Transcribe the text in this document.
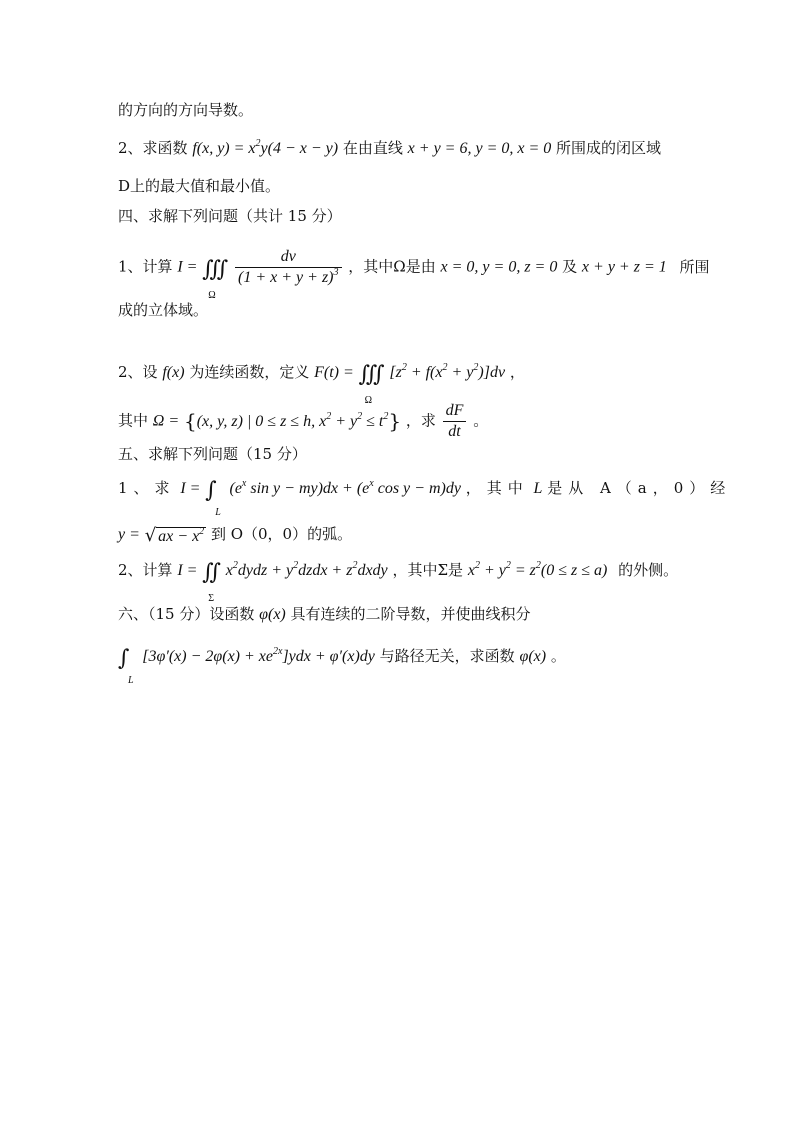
的方向的方向导数。
2、求函数 f(x, $y) = x^2y(4 - x - y)$ 在由直线 x + y = 6, y = 0, x = 0 所围成的闭区域
D上的最大值和最小值。
四、求解下列问题（共计 15 分）
1、计算 I = ∭
Ω

$\frac{dv}{(1 + x + y + z)^3}$ ，其中Ω是由 x = 0, y = 0, z = 0 及 x + y + z = 1 所围
成的立体域。
2、设 f(x) 为连续函数，定义 F(t) = ∭
Ω
$[z^2 + f(x^2 + y^2)]dv$ ，
其中 Ω = {(x, y, z) | 0 ≤ z ≤ h, $x^2 + y^2 \le t^2$} ，求 $\frac{dF}{dt}$ 。
五、求解下列问题（15 分）
1、求 I = ∫
L
($e^x$ $\sin y - my)dx + (e^x$ cos y − m)dy ，其中 L 是从 A（a，0）经
y = √ ax − $x^2$ 到 O（0，0）的弧。
2、计算 I = ∬
Σ
$x^2dydz$ + $y^2dzdx$ + $z^2dxdy$ ，其中Σ是 $x^2 + y^2 = z^2(0 \le z \le a)$ 的外侧。
六、（15 分）设函数 φ(x) 具有连续的二阶导数，并使曲线积分
∫
L
$[3\varphi'(x) - 2\varphi(x) + xe^{2x}]ydx + \varphi'(x)dy$ 与路径无关，求函数 φ(x) 。
